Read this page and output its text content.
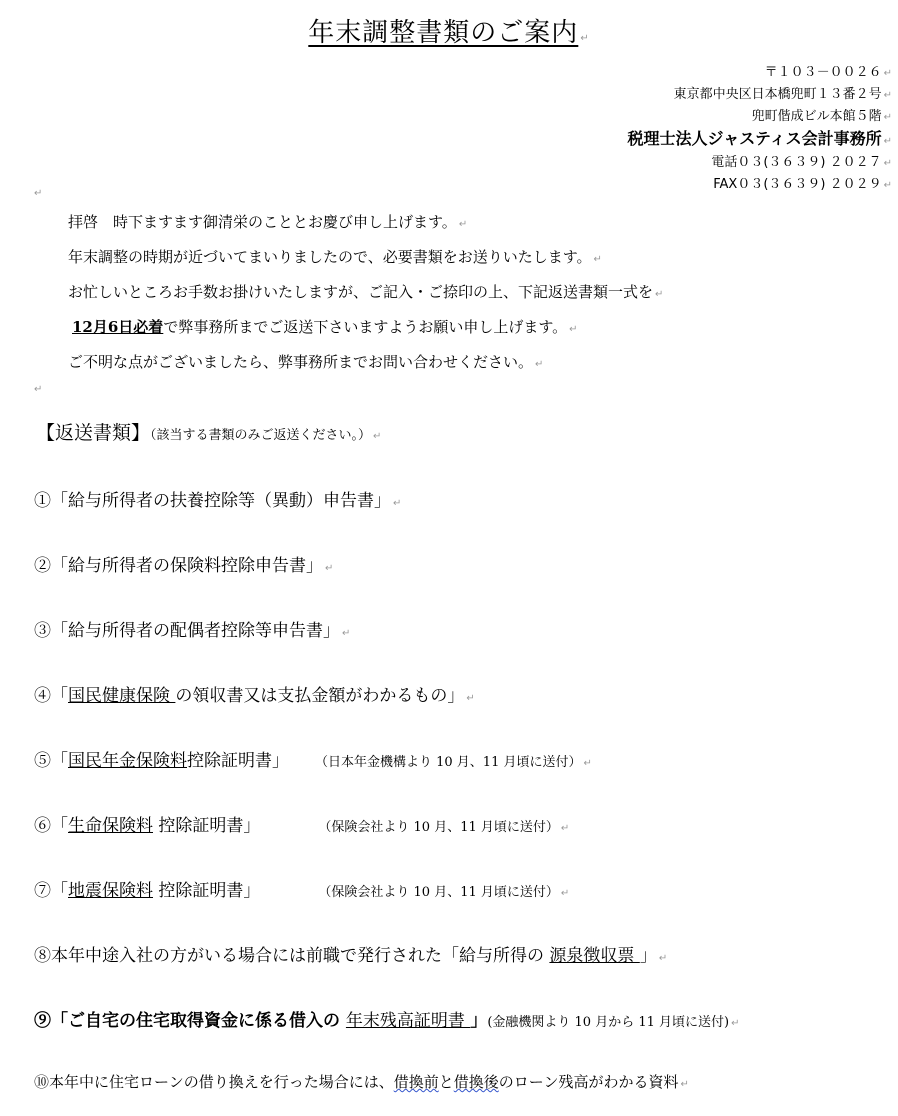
年末調整書類のご案内 ↵
〒１０３－００２６ ↵
東京都中央区日本橋兜町１３番２号 ↵
兜町偕成ビル本館５階 ↵
税理士法人ジャスティス会計事務所 ↵
電話０３(３６３９) ２０２７ ↵
FAX０３(３６３９) ２０２９ ↵
↵
拝啓　時下ますます御清栄のこととお慶び申し上げます。 ↵
年末調整の時期が近づいてまいりましたので、必要書類をお送りいたします。 ↵
お忙しいところお手数お掛けいたしますが、ご記入・ご捺印の上、下記返送書類一式を ↵
12月6日必着で弊事務所までご返送下さいますようお願い申し上げます。 ↵
ご不明な点がございましたら、弊事務所までお問い合わせください。 ↵
↵
【返送書類】（該当する書類のみご返送ください。） ↵
①「給与所得者の扶養控除等（異動）申告書」 ↵
②「給与所得者の保険料控除申告書」 ↵
③「給与所得者の配偶者控除等申告書」 ↵
④「国民健康保険 の領収書又は支払金額がわかるもの」 ↵
⑤「国民年金保険料控除証明書」 （日本年金機構より 10 月、11 月頃に送付） ↵
⑥「生命保険料 控除証明書」	（保険会社より 10 月、11 月頃に送付） ↵
⑦「地震保険料 控除証明書」	（保険会社より 10 月、11 月頃に送付） ↵
⑧本年中途入社の方がいる場合には前職で発行された「給与所得の 源泉徴収票 」 ↵
⑨「ご自宅の住宅取得資金に係る借入の 年末残高証明書 」(金融機関より 10 月から 11 月頃に送付) ↵
⑩本年中に住宅ローンの借り換えを行った場合には、借換前と借換後のローン残高がわかる資料 ↵
